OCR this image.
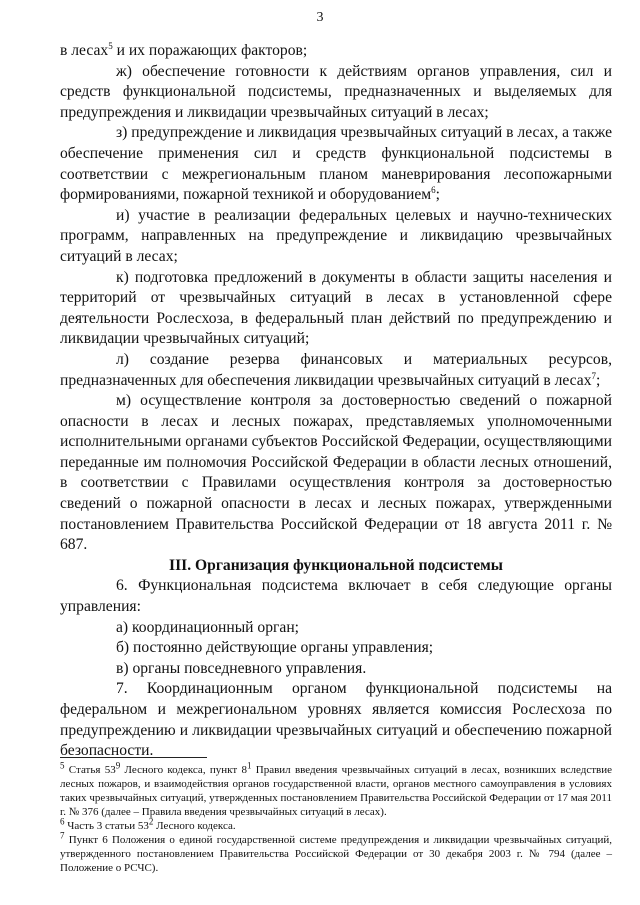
3

в лесах$^5$ и их поражающих факторов;

ж) обеспечение готовности к действиям органов управления, сил и средств функциональной подсистемы, предназначенных и выделяемых для предупреждения и ликвидации чрезвычайных ситуаций в лесах;

з) предупреждение и ликвидация чрезвычайных ситуаций в лесах, а также обеспечение применения сил и средств функциональной подсистемы в соответствии с межрегиональным планом маневрирования лесопожарными формированиями, пожарной техникой и оборудованием$^6$;

и) участие в реализации федеральных целевых и научно-технических программ, направленных на предупреждение и ликвидацию чрезвычайных ситуаций в лесах;

к) подготовка предложений в документы в области защиты населения и территорий от чрезвычайных ситуаций в лесах в установленной сфере деятельности Рослесхоза, в федеральный план действий по предупреждению и ликвидации чрезвычайных ситуаций;

л) создание резерва финансовых и материальных ресурсов, предназначенных для обеспечения ликвидации чрезвычайных ситуаций в лесах$^7$;

м) осуществление контроля за достоверностью сведений о пожарной опасности в лесах и лесных пожарах, представляемых уполномоченными исполнительными органами субъектов Российской Федерации, осуществляющими переданные им полномочия Российской Федерации в области лесных отношений, в соответствии с Правилами осуществления контроля за достоверностью сведений о пожарной опасности в лесах и лесных пожарах, утвержденными постановлением Правительства Российской Федерации от 18 августа 2011 г. № 687.

III. Организация функциональной подсистемы

6. Функциональная подсистема включает в себя следующие органы управления:

а) координационный орган;

б) постоянно действующие органы управления;

в) органы повседневного управления.

7. Координационным органом функциональной подсистемы на федеральном и межрегиональном уровнях является комиссия Рослесхоза по предупреждению и ликвидации чрезвычайных ситуаций и обеспечению пожарной безопасности.

$^5$ Статья $53^9$ Лесного кодекса, пункт $8^1$ Правил введения чрезвычайных ситуаций в лесах, возникших вследствие лесных пожаров, и взаимодействия органов государственной власти, органов местного самоуправления в условиях таких чрезвычайных ситуаций, утвержденных постановлением Правительства Российской Федерации от 17 мая 2011 г. № 376 (далее – Правила введения чрезвычайных ситуаций в лесах).

$^6$ Часть 3 статьи $53^2$ Лесного кодекса.

$^7$ Пункт 6 Положения о единой государственной системе предупреждения и ликвидации чрезвычайных ситуаций, утвержденного постановлением Правительства Российской Федерации от 30 декабря 2003 г. № 794 (далее – Положение о РСЧС).
